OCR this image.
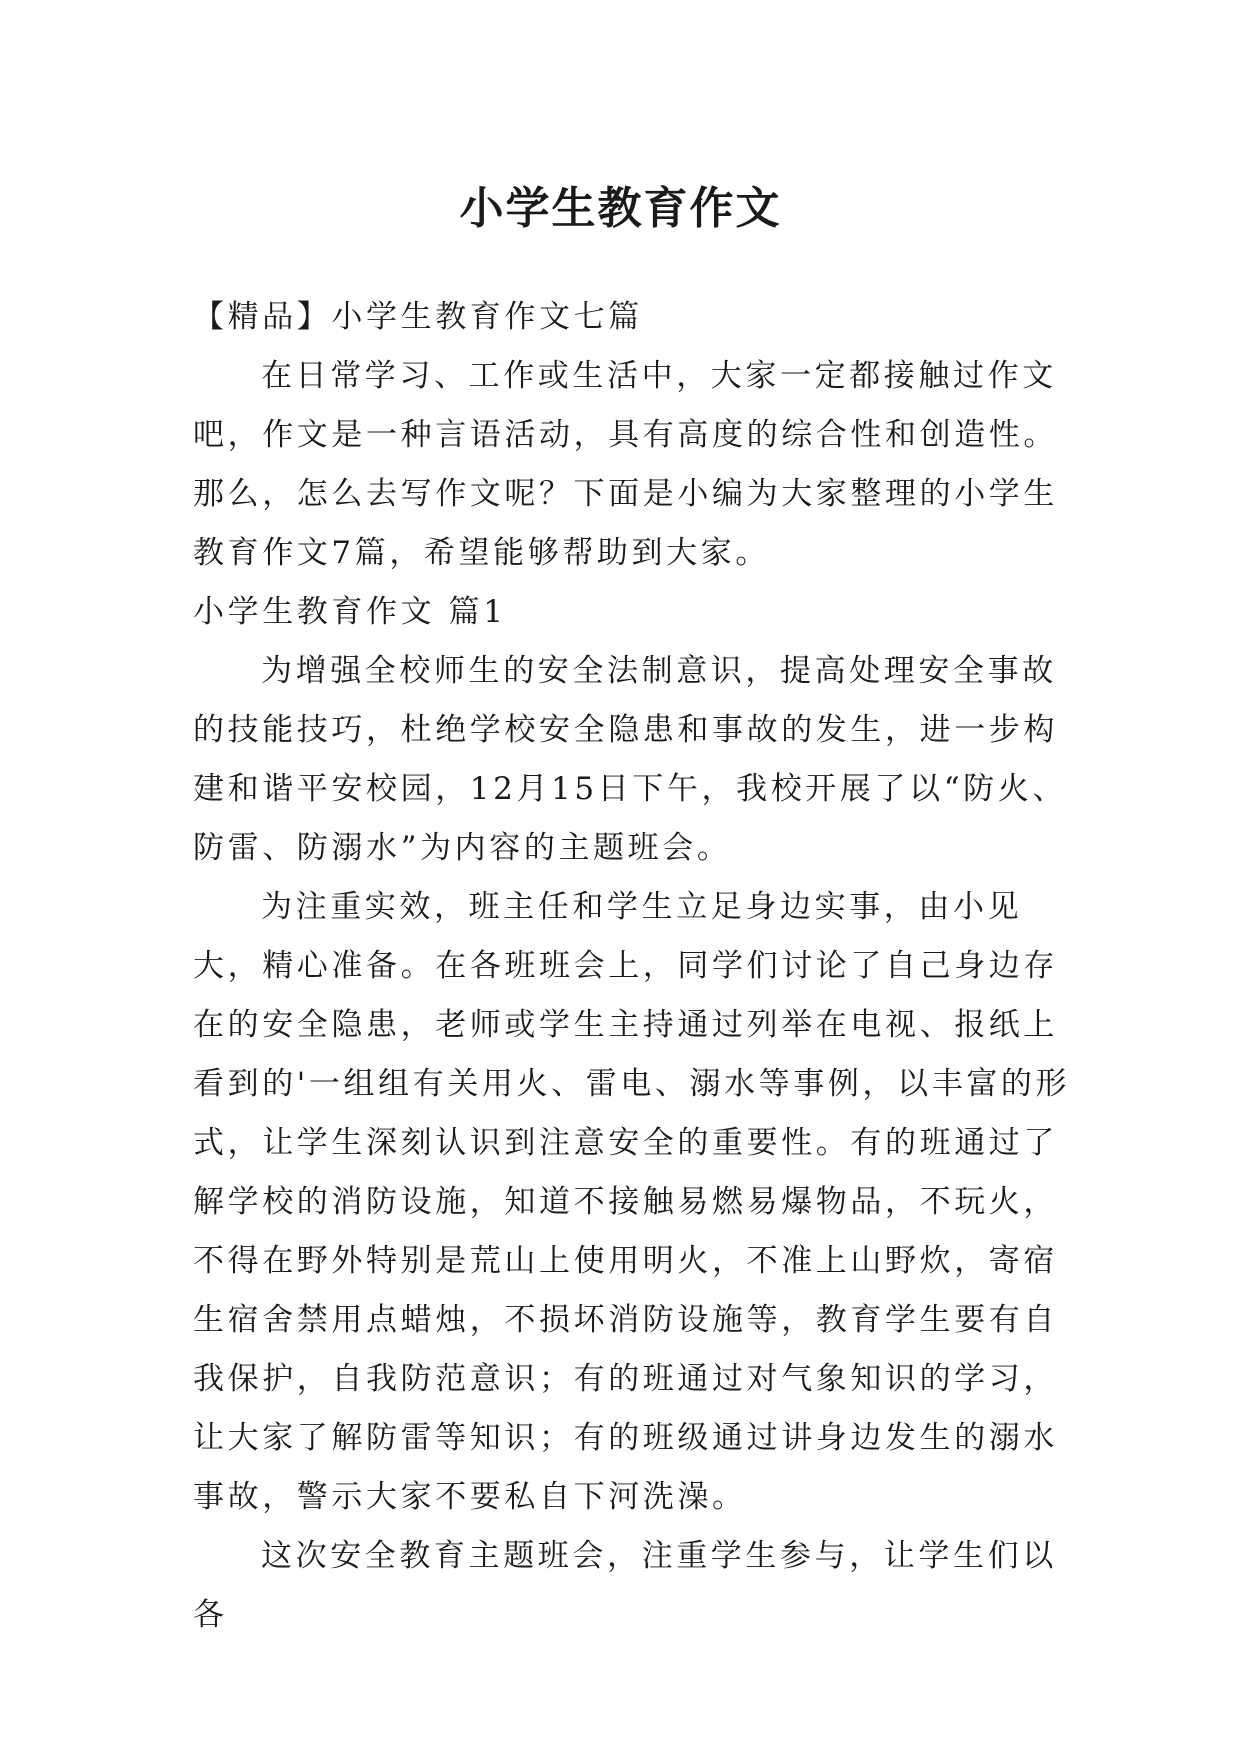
小学生教育作文

【精品】小学生教育作文七篇

在日常学习、工作或生活中，大家一定都接触过作文吧，作文是一种言语活动，具有高度的综合性和创造性。那么，怎么去写作文呢？下面是小编为大家整理的小学生教育作文7篇，希望能够帮助到大家。

小学生教育作文 篇1

为增强全校师生的安全法制意识，提高处理安全事故的技能技巧，杜绝学校安全隐患和事故的发生，进一步构建和谐平安校园，12月15日下午，我校开展了以“防火、防雷、防溺水”为内容的主题班会。

为注重实效，班主任和学生立足身边实事，由小见大，精心准备。在各班班会上，同学们讨论了自己身边存在的安全隐患，老师或学生主持通过列举在电视、报纸上看到的'一组组有关用火、雷电、溺水等事例，以丰富的形式，让学生深刻认识到注意安全的重要性。有的班通过了解学校的消防设施，知道不接触易燃易爆物品，不玩火，不得在野外特别是荒山上使用明火，不准上山野炊，寄宿生宿舍禁用点蜡烛，不损坏消防设施等，教育学生要有自我保护，自我防范意识；有的班通过对气象知识的学习，让大家了解防雷等知识；有的班级通过讲身边发生的溺水事故，警示大家不要私自下河洗澡。

这次安全教育主题班会，注重学生参与，让学生们以各
